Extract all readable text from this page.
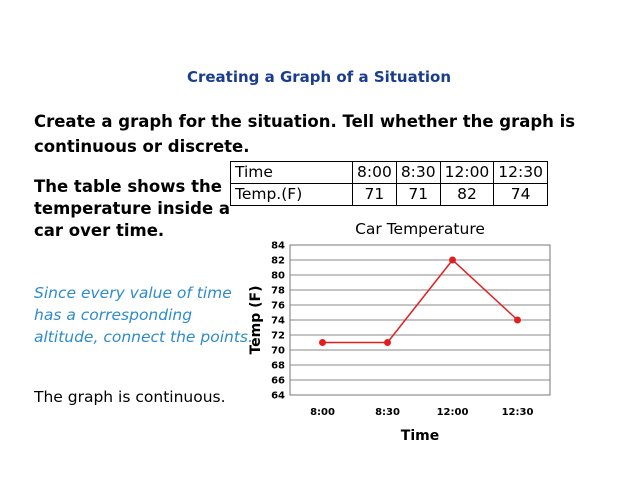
Creating a Graph of a Situation
Create a graph for the situation. Tell whether the graph is continuous or discrete.
The table shows the temperature inside a car over time.
Since every value of time has a corresponding altitude, connect the points.
The graph is continuous.
Time	8:00	8:30	12:00	12:30
Temp.(F)	71	71	82	74
Car Temperature
84
82
80
78
76
74
72
70
68
66
64
8:00	8:30	12:00	12:30
Time
Temp (F)
